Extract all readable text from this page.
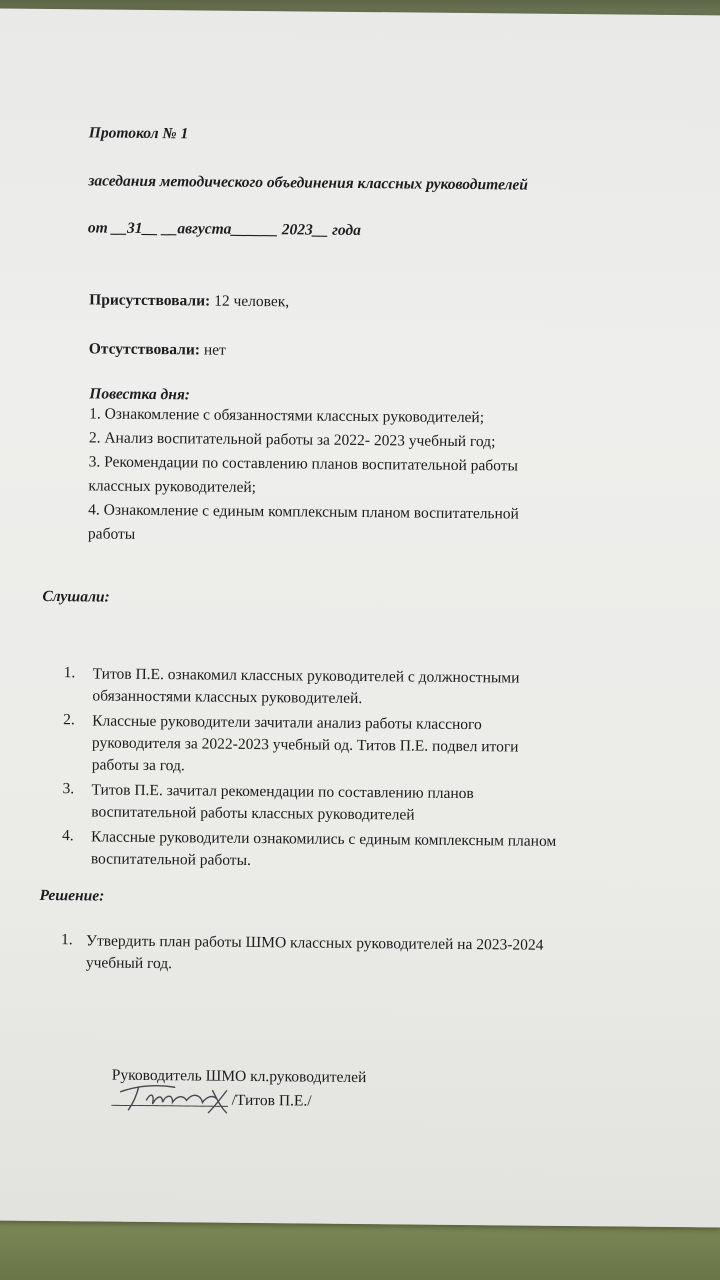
Протокол № 1
заседания методического объединения классных руководителей
от __31__ __августа______ 2023__ года
Присутствовали: 12 человек,
Отсутствовали: нет
Повестка дня:
1. Ознакомление с обязанностями классных руководителей;
2. Анализ воспитательной работы за 2022- 2023 учебный год;
3. Рекомендации по составлению планов воспитательной работы
классных руководителей;
4. Ознакомление с единым комплексным планом воспитательной
работы
Слушали:
1. Титов П.Е. ознакомил классных руководителей с должностными
обязанностями классных руководителей.
2. Классные руководители зачитали анализ работы классного
руководителя за 2022-2023 учебный од. Титов П.Е. подвел итоги
работы за год.
3. Титов П.Е. зачитал рекомендации по составлению планов
воспитательной работы классных руководителей
4. Классные руководители ознакомились с единым комплексным планом
воспитательной работы.
Решение:
1. Утвердить план работы ШМО классных руководителей на 2023-2024
учебный год.
Руководитель ШМО кл.руководителей
_______________ /Титов П.Е./
